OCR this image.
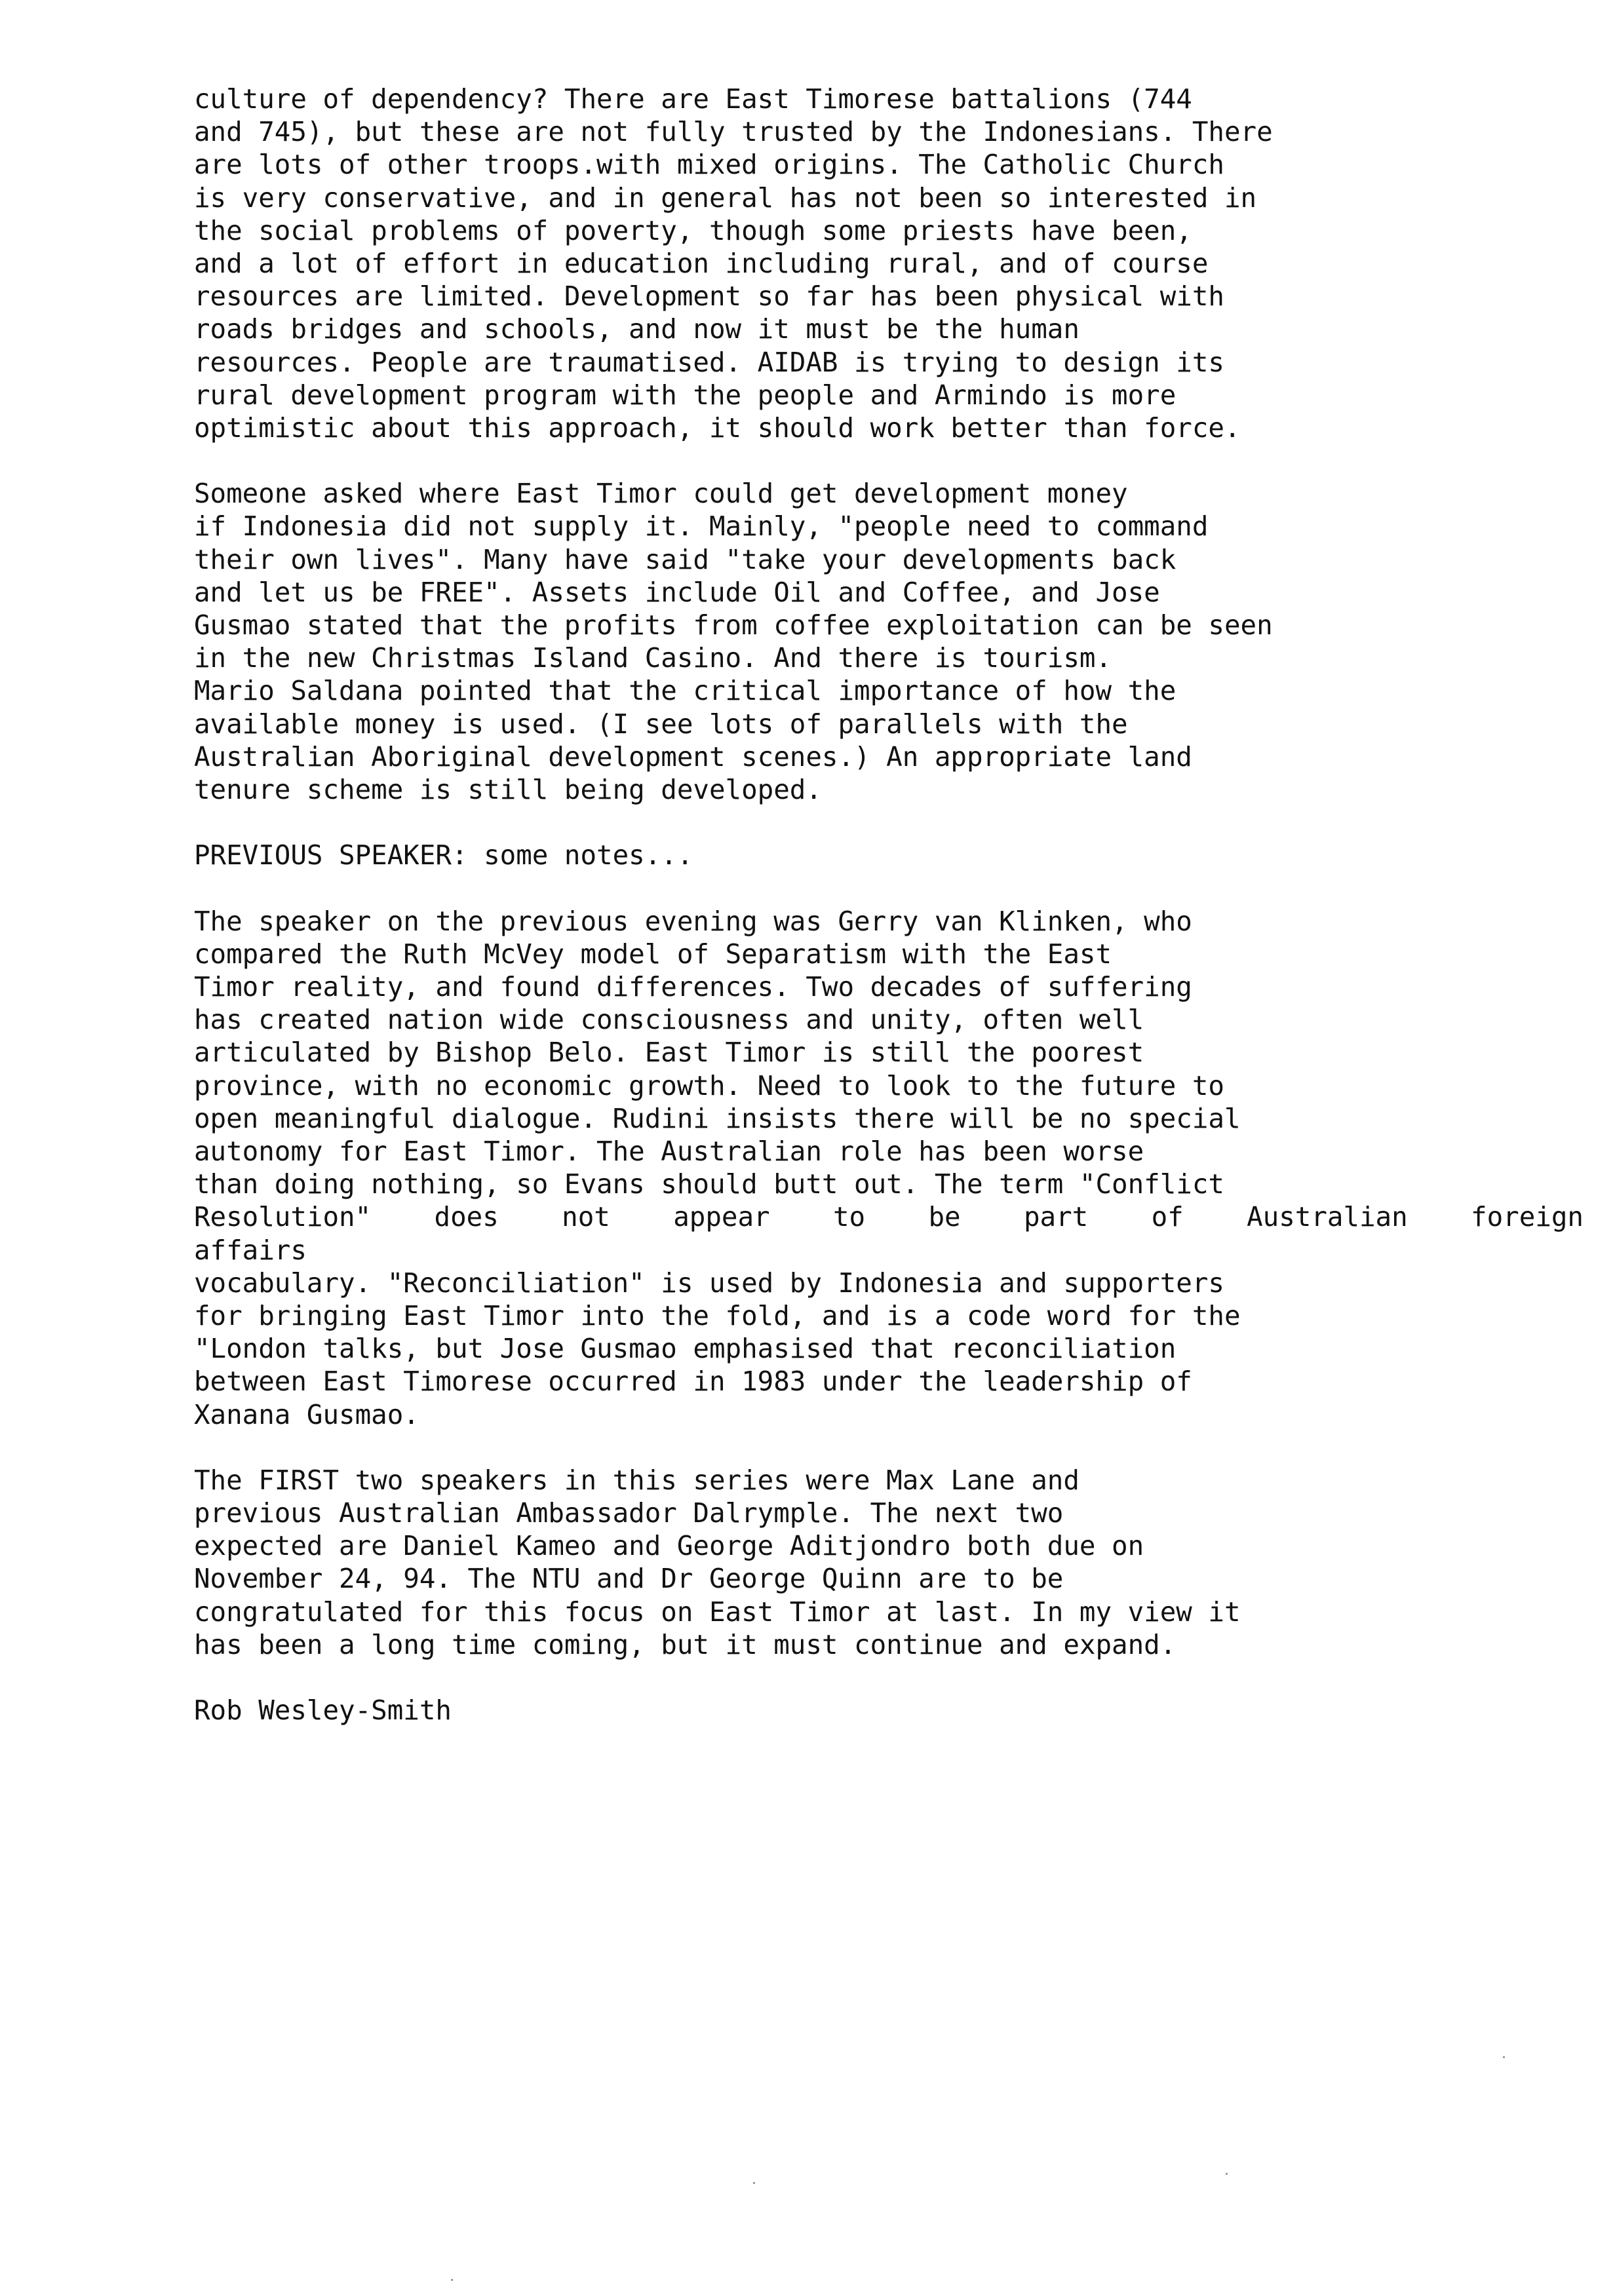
culture of dependency? There are East Timorese battalions (744
and 745), but these are not fully trusted by the Indonesians. There
are lots of other troops.with mixed origins. The Catholic Church
is very conservative, and in general has not been so interested in
the social problems of poverty, though some priests have been,
and a lot of effort in education including rural, and of course
resources are limited. Development so far has been physical with
roads bridges and schools, and now it must be the human
resources. People are traumatised. AIDAB is trying to design its
rural development program with the people and Armindo is more
optimistic about this approach, it should work better than force.
Someone asked where East Timor could get development money
if Indonesia did not supply it. Mainly, "people need to command
their own lives". Many have said "take your developments back
and let us be FREE". Assets include Oil and Coffee, and Jose
Gusmao stated that the profits from coffee exploitation can be seen
in the new Christmas Island Casino. And there is tourism.
Mario Saldana pointed that the critical importance of how the
available money is used. (I see lots of parallels with the
Australian Aboriginal development scenes.) An appropriate land
tenure scheme is still being developed.
PREVIOUS SPEAKER: some notes...
The speaker on the previous evening was Gerry van Klinken, who
compared the Ruth McVey model of Separatism with the East
Timor reality, and found differences. Two decades of suffering
has created nation wide consciousness and unity, often well
articulated by Bishop Belo. East Timor is still the poorest
province, with no economic growth. Need to look to the future to
open meaningful dialogue. Rudini insists there will be no special
autonomy for East Timor. The Australian role has been worse
than doing nothing, so Evans should butt out. The term "Conflict
Resolution" does not appear to be part of Australian foreign
affairs
vocabulary. "Reconciliation" is used by Indonesia and supporters
for bringing East Timor into the fold, and is a code word for the
"London talks, but Jose Gusmao emphasised that reconciliation
between East Timorese occurred in 1983 under the leadership of
Xanana Gusmao.
The FIRST two speakers in this series were Max Lane and
previous Australian Ambassador Dalrymple. The next two
expected are Daniel Kameo and George Aditjondro both due on
November 24, 94. The NTU and Dr George Quinn are to be
congratulated for this focus on East Timor at last. In my view it
has been a long time coming, but it must continue and expand.
Rob Wesley-Smith
